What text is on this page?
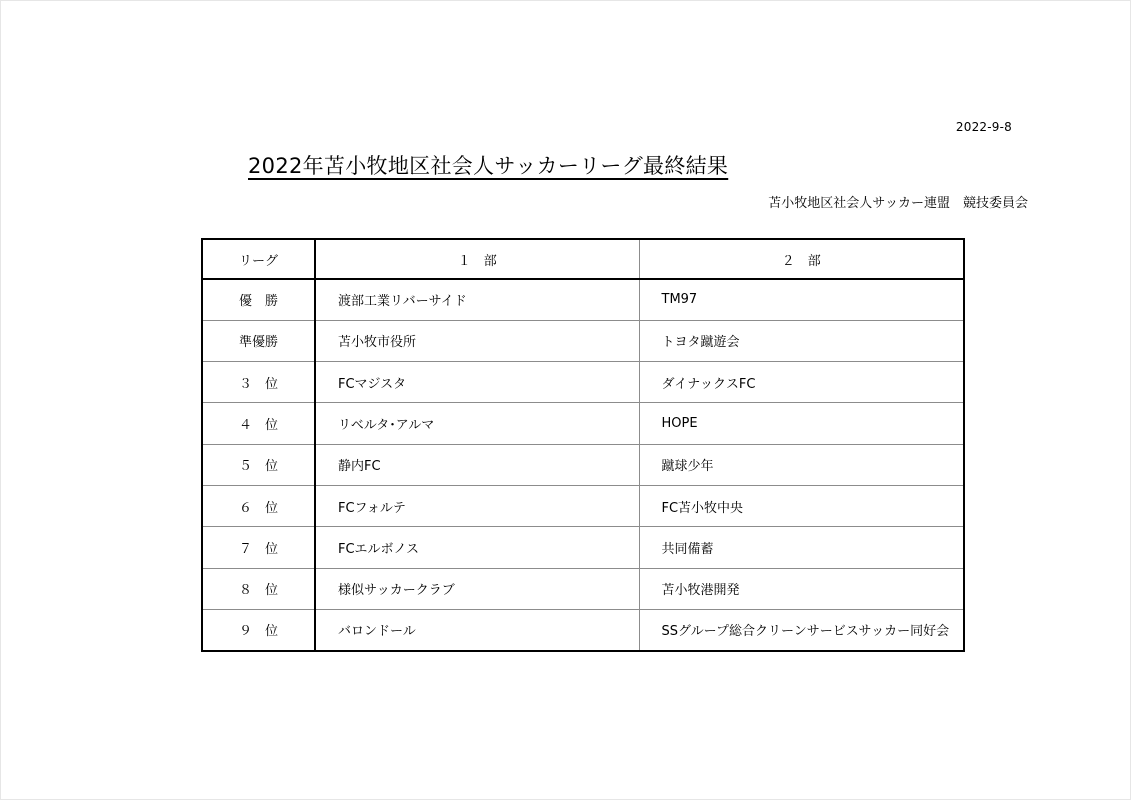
2022-9-8
2022年苫小牧地区社会人サッカーリーグ最終結果
苫小牧地区社会人サッカー連盟　競技委員会
リーグ	１　部	２　部
優　勝	渡部工業リバーサイド	TM97
準優勝	苫小牧市役所	トヨタ蹴遊会
３　位	FCマジスタ	ダイナックスFC
４　位	リベルタ･アルマ	HOPE
５　位	静内FC	蹴球少年
６　位	FCフォルテ	FC苫小牧中央
７　位	FCエルボノス	共同備蓄
８　位	様似サッカークラブ	苫小牧港開発
９　位	バロンドール	SSグループ総合クリーンサービスサッカー同好会
